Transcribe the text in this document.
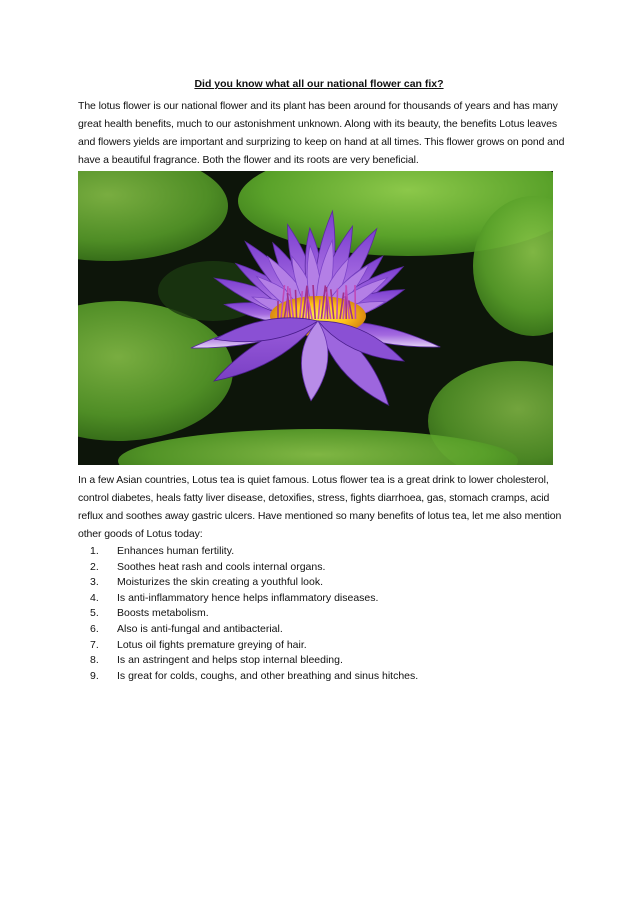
Did you know what all our national flower can fix?

The lotus flower is our national flower and its plant has been around for thousands of years and has many great health benefits, much to our astonishment unknown. Along with its beauty, the benefits Lotus leaves and flowers yields are important and surprizing to keep on hand at all times. This flower grows on pond and have a beautiful fragrance. Both the flower and its roots are very beneficial.

In a few Asian countries, Lotus tea is quiet famous. Lotus flower tea is a great drink to lower cholesterol, control diabetes, heals fatty liver disease, detoxifies, stress, fights diarrhoea, gas, stomach cramps, acid reflux and soothes away gastric ulcers. Have mentioned so many benefits of lotus tea, let me also mention other goods of Lotus today:

1.	Enhances human fertility.
2.	Soothes heat rash and cools internal organs.
3.	Moisturizes the skin creating a youthful look.
4.	Is anti-inflammatory hence helps inflammatory diseases.
5.	Boosts metabolism.
6.	Also is anti-fungal and antibacterial.
7.	Lotus oil fights premature greying of hair.
8.	Is an astringent and helps stop internal bleeding.
9.	Is great for colds, coughs, and other breathing and sinus hitches.
